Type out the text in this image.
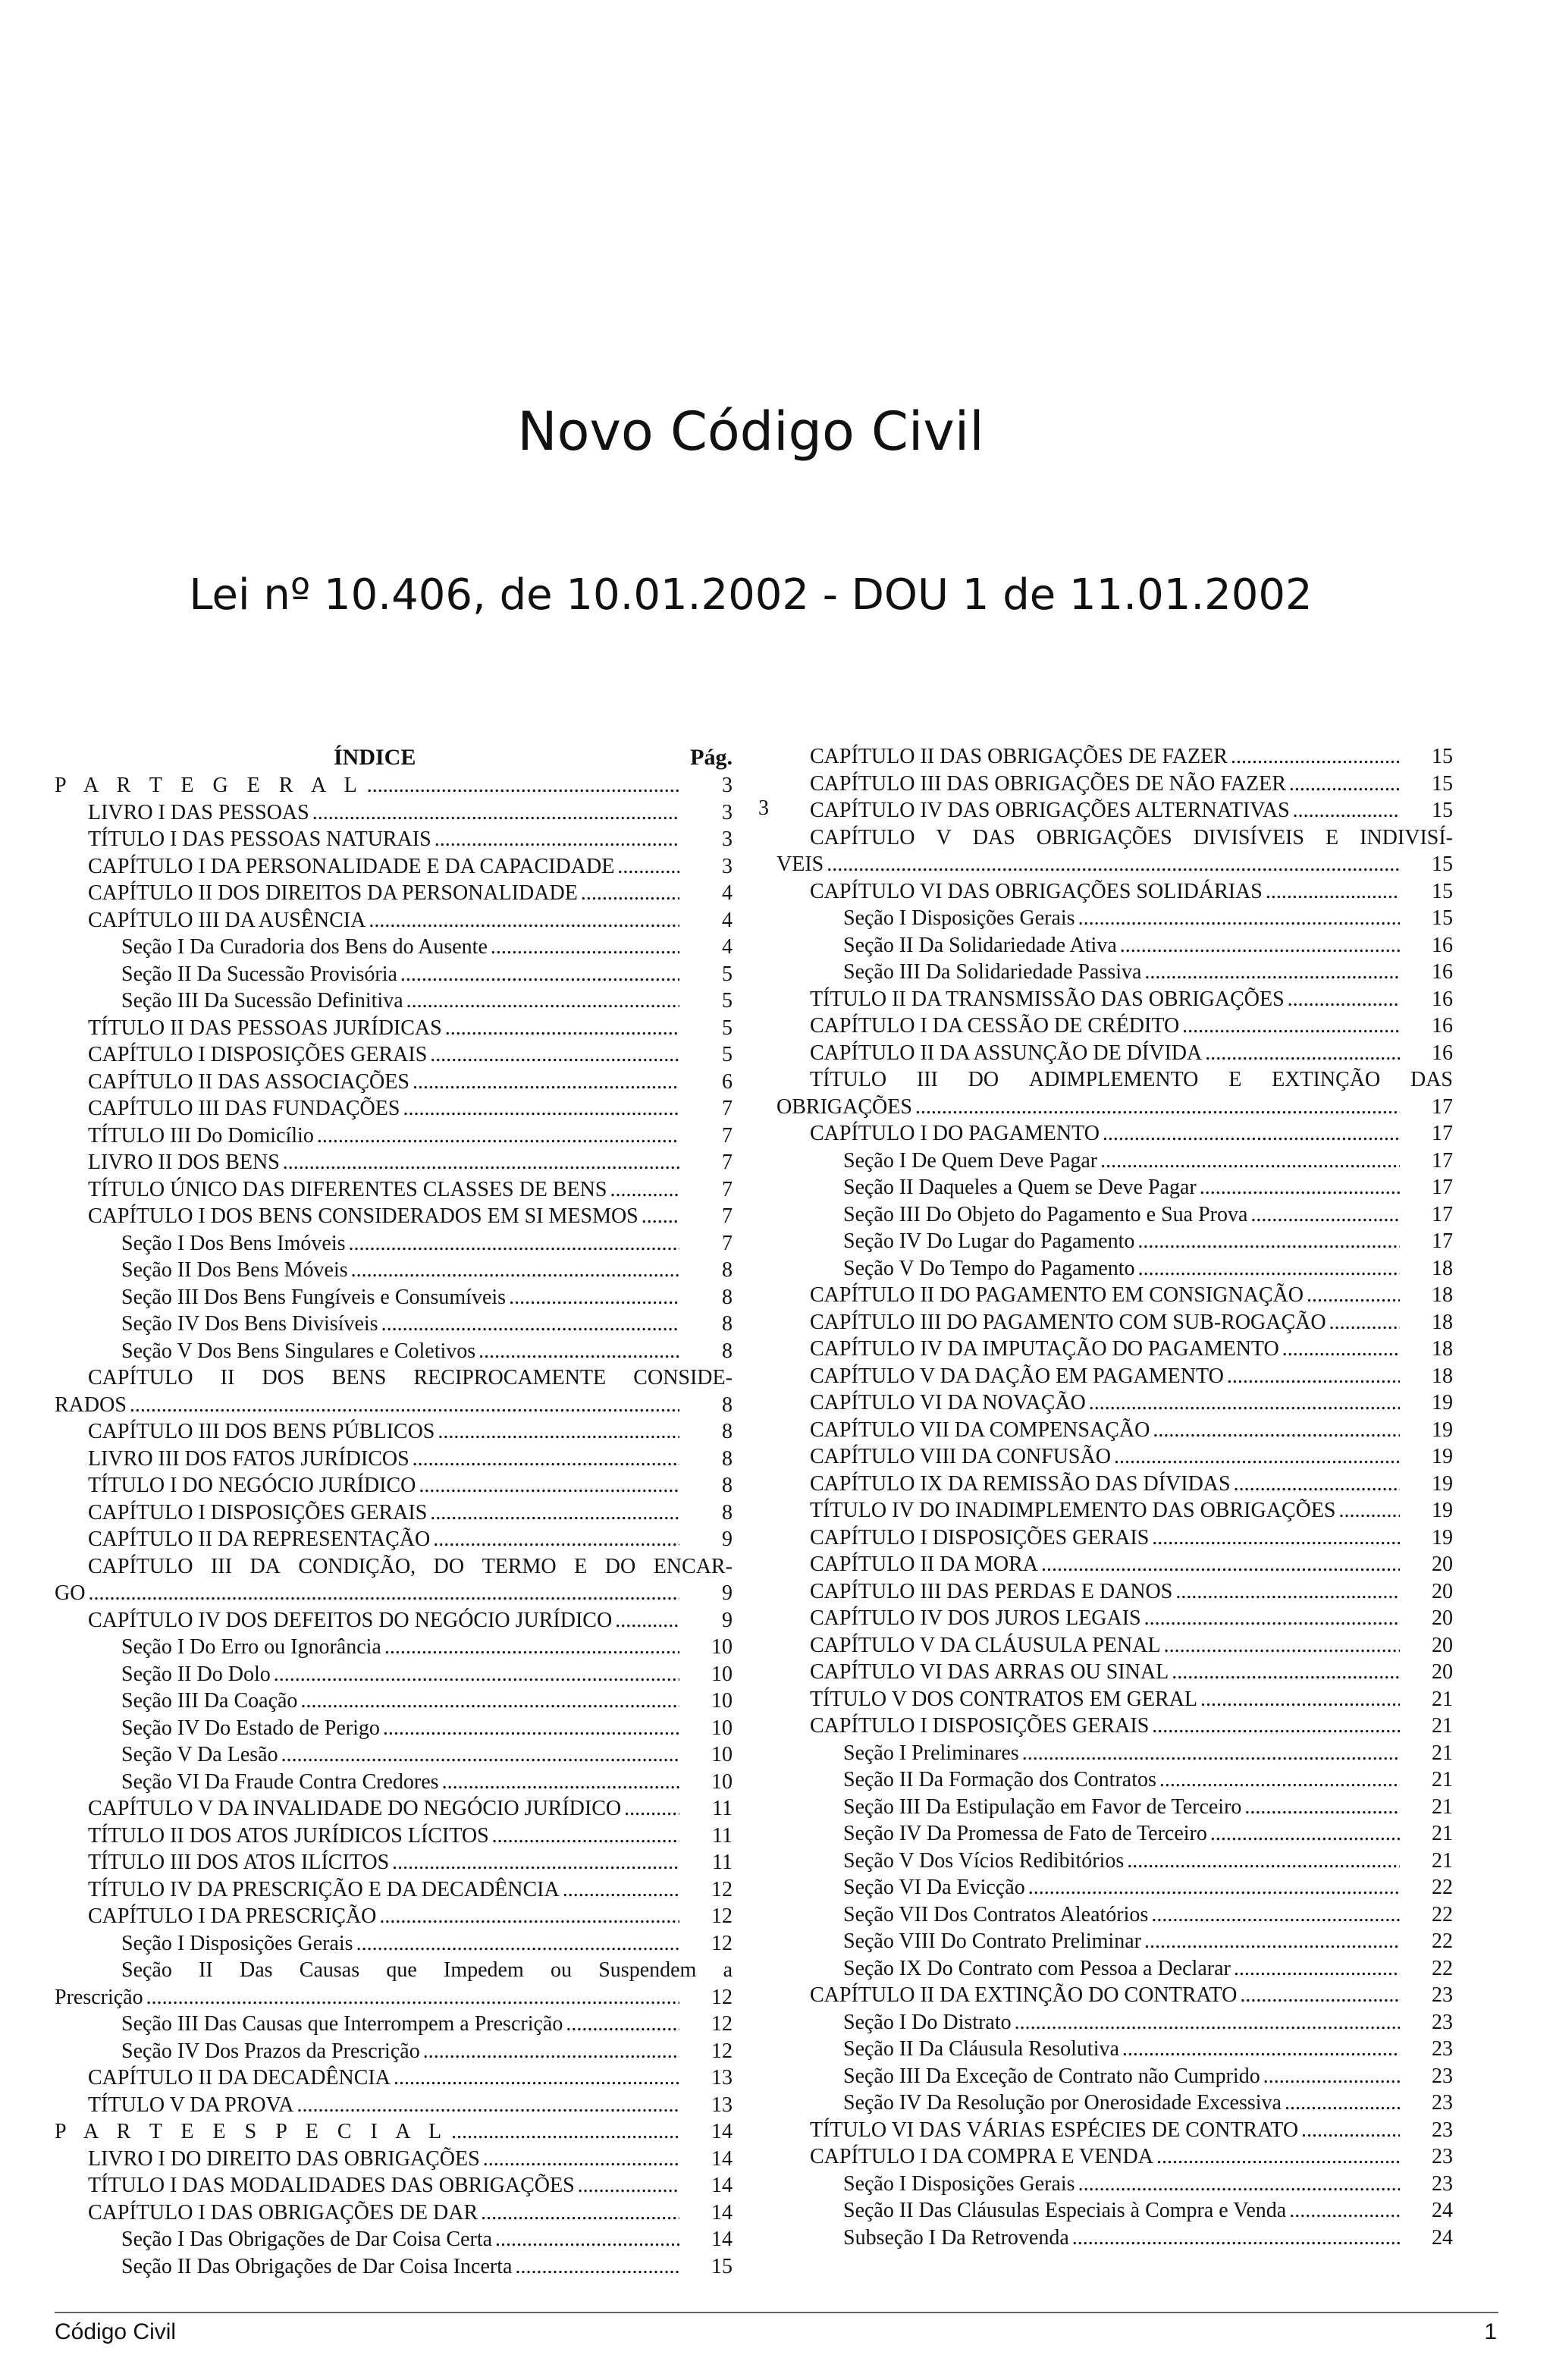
Novo Código Civil
Lei nº 10.406, de 10.01.2002 - DOU 1 de 11.01.2002
ÍNDICE	Pág.
P A R T E G E R A L .....	3
LIVRO I DAS PESSOAS .....	3
TÍTULO I DAS PESSOAS NATURAIS .....	3
CAPÍTULO I DA PERSONALIDADE E DA CAPACIDADE .....	3
CAPÍTULO II DOS DIREITOS DA PERSONALIDADE .....	4
CAPÍTULO III DA AUSÊNCIA .....	4
Seção I Da Curadoria dos Bens do Ausente .....	4
Seção II Da Sucessão Provisória .....	5
Seção III Da Sucessão Definitiva .....	5
TÍTULO II DAS PESSOAS JURÍDICAS .....	5
CAPÍTULO I DISPOSIÇÕES GERAIS .....	5
CAPÍTULO II DAS ASSOCIAÇÕES .....	6
CAPÍTULO III DAS FUNDAÇÕES .....	7
TÍTULO III Do Domicílio .....	7
LIVRO II DOS BENS .....	7
TÍTULO ÚNICO DAS DIFERENTES CLASSES DE BENS .....	7
CAPÍTULO I DOS BENS CONSIDERADOS EM SI MESMOS .....	7
Seção I Dos Bens Imóveis .....	7
Seção II Dos Bens Móveis .....	8
Seção III Dos Bens Fungíveis e Consumíveis .....	8
Seção IV Dos Bens Divisíveis .....	8
Seção V Dos Bens Singulares e Coletivos .....	8
CAPÍTULO II DOS BENS RECIPROCAMENTE CONSIDE-
RADOS .....	8
CAPÍTULO III DOS BENS PÚBLICOS .....	8
LIVRO III DOS FATOS JURÍDICOS .....	8
TÍTULO I DO NEGÓCIO JURÍDICO .....	8
CAPÍTULO I DISPOSIÇÕES GERAIS .....	8
CAPÍTULO II DA REPRESENTAÇÃO .....	9
CAPÍTULO III DA CONDIÇÃO, DO TERMO E DO ENCAR-
GO .....	9
CAPÍTULO IV DOS DEFEITOS DO NEGÓCIO JURÍDICO .....	9
Seção I Do Erro ou Ignorância .....	10
Seção II Do Dolo .....	10
Seção III Da Coação .....	10
Seção IV Do Estado de Perigo .....	10
Seção V Da Lesão .....	10
Seção VI Da Fraude Contra Credores .....	10
CAPÍTULO V DA INVALIDADE DO NEGÓCIO JURÍDICO .....	11
TÍTULO II DOS ATOS JURÍDICOS LÍCITOS .....	11
TÍTULO III DOS ATOS ILÍCITOS .....	11
TÍTULO IV DA PRESCRIÇÃO E DA DECADÊNCIA .....	12
CAPÍTULO I DA PRESCRIÇÃO .....	12
Seção I Disposições Gerais .....	12
Seção II Das Causas que Impedem ou Suspendem a
Prescrição .....	12
Seção III Das Causas que Interrompem a Prescrição .....	12
Seção IV Dos Prazos da Prescrição .....	12
CAPÍTULO II DA DECADÊNCIA .....	13
TÍTULO V DA PROVA .....	13
P A R T E E S P E C I A L .....	14
LIVRO I DO DIREITO DAS OBRIGAÇÕES .....	14
TÍTULO I DAS MODALIDADES DAS OBRIGAÇÕES .....	14
CAPÍTULO I DAS OBRIGAÇÕES DE DAR .....	14
Seção I Das Obrigações de Dar Coisa Certa .....	14
Seção II Das Obrigações de Dar Coisa Incerta .....	15
3
CAPÍTULO II DAS OBRIGAÇÕES DE FAZER .....	15
CAPÍTULO III DAS OBRIGAÇÕES DE NÃO FAZER .....	15
CAPÍTULO IV DAS OBRIGAÇÕES ALTERNATIVAS .....	15
CAPÍTULO V DAS OBRIGAÇÕES DIVISÍVEIS E INDIVISÍ-
VEIS .....	15
CAPÍTULO VI DAS OBRIGAÇÕES SOLIDÁRIAS .....	15
Seção I Disposições Gerais .....	15
Seção II Da Solidariedade Ativa .....	16
Seção III Da Solidariedade Passiva .....	16
TÍTULO II DA TRANSMISSÃO DAS OBRIGAÇÕES .....	16
CAPÍTULO I DA CESSÃO DE CRÉDITO .....	16
CAPÍTULO II DA ASSUNÇÃO DE DÍVIDA .....	16
TÍTULO III DO ADIMPLEMENTO E EXTINÇÃO DAS
OBRIGAÇÕES .....	17
CAPÍTULO I DO PAGAMENTO .....	17
Seção I De Quem Deve Pagar .....	17
Seção II Daqueles a Quem se Deve Pagar .....	17
Seção III Do Objeto do Pagamento e Sua Prova .....	17
Seção IV Do Lugar do Pagamento .....	17
Seção V Do Tempo do Pagamento .....	18
CAPÍTULO II DO PAGAMENTO EM CONSIGNAÇÃO .....	18
CAPÍTULO III DO PAGAMENTO COM SUB-ROGAÇÃO .....	18
CAPÍTULO IV DA IMPUTAÇÃO DO PAGAMENTO .....	18
CAPÍTULO V DA DAÇÃO EM PAGAMENTO .....	18
CAPÍTULO VI DA NOVAÇÃO .....	19
CAPÍTULO VII DA COMPENSAÇÃO .....	19
CAPÍTULO VIII DA CONFUSÃO .....	19
CAPÍTULO IX DA REMISSÃO DAS DÍVIDAS .....	19
TÍTULO IV DO INADIMPLEMENTO DAS OBRIGAÇÕES .....	19
CAPÍTULO I DISPOSIÇÕES GERAIS .....	19
CAPÍTULO II DA MORA .....	20
CAPÍTULO III DAS PERDAS E DANOS .....	20
CAPÍTULO IV DOS JUROS LEGAIS .....	20
CAPÍTULO V DA CLÁUSULA PENAL .....	20
CAPÍTULO VI DAS ARRAS OU SINAL .....	20
TÍTULO V DOS CONTRATOS EM GERAL .....	21
CAPÍTULO I DISPOSIÇÕES GERAIS .....	21
Seção I Preliminares .....	21
Seção II Da Formação dos Contratos .....	21
Seção III Da Estipulação em Favor de Terceiro .....	21
Seção IV Da Promessa de Fato de Terceiro .....	21
Seção V Dos Vícios Redibitórios .....	21
Seção VI Da Evicção .....	22
Seção VII Dos Contratos Aleatórios .....	22
Seção VIII Do Contrato Preliminar .....	22
Seção IX Do Contrato com Pessoa a Declarar .....	22
CAPÍTULO II DA EXTINÇÃO DO CONTRATO .....	23
Seção I Do Distrato .....	23
Seção II Da Cláusula Resolutiva .....	23
Seção III Da Exceção de Contrato não Cumprido .....	23
Seção IV Da Resolução por Onerosidade Excessiva .....	23
TÍTULO VI DAS VÁRIAS ESPÉCIES DE CONTRATO .....	23
CAPÍTULO I DA COMPRA E VENDA .....	23
Seção I Disposições Gerais .....	23
Seção II Das Cláusulas Especiais à Compra e Venda .....	24
Subseção I Da Retrovenda .....	24
Código Civil	1
